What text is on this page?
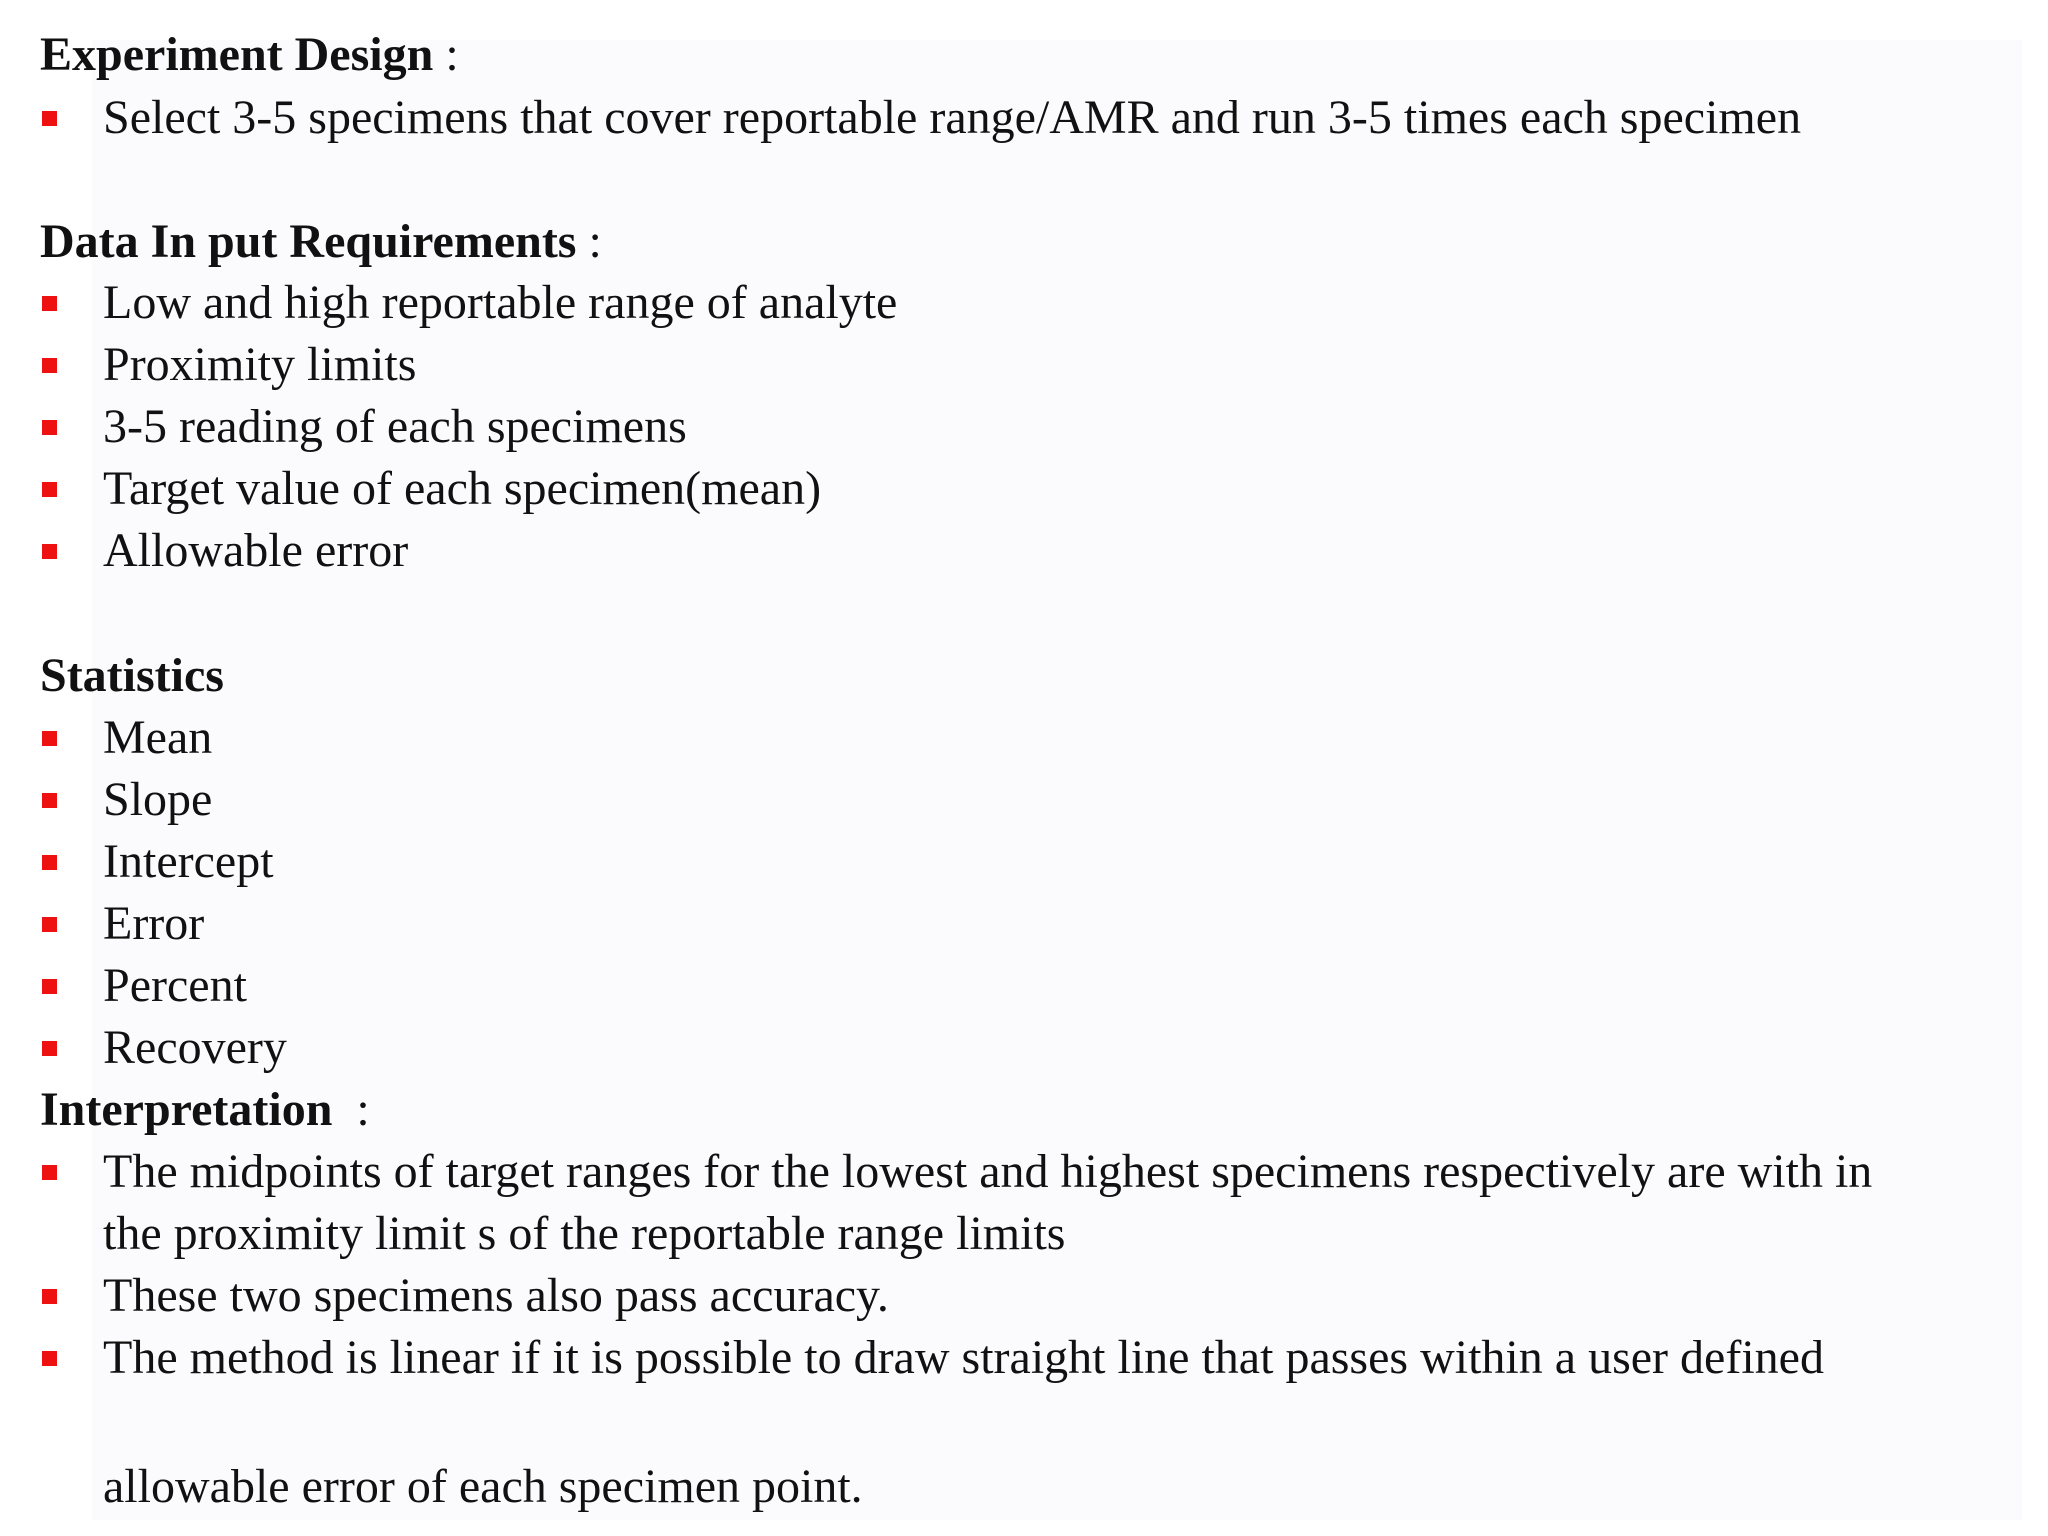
Experiment Design :
Select 3-5 specimens that cover reportable range/AMR and run 3-5 times each specimen
Data In put Requirements :
Low and high reportable range of analyte
Proximity limits
3-5 reading of each specimens
Target value of each specimen(mean)
Allowable error
Statistics
Mean
Slope
Intercept
Error
Percent
Recovery
Interpretation :
The midpoints of target ranges for the lowest and highest specimens respectively are with in
the proximity limit s of the reportable range limits
These two specimens also pass accuracy.
The method is linear if it is possible to draw straight line that passes within a user defined
allowable error of each specimen point.
